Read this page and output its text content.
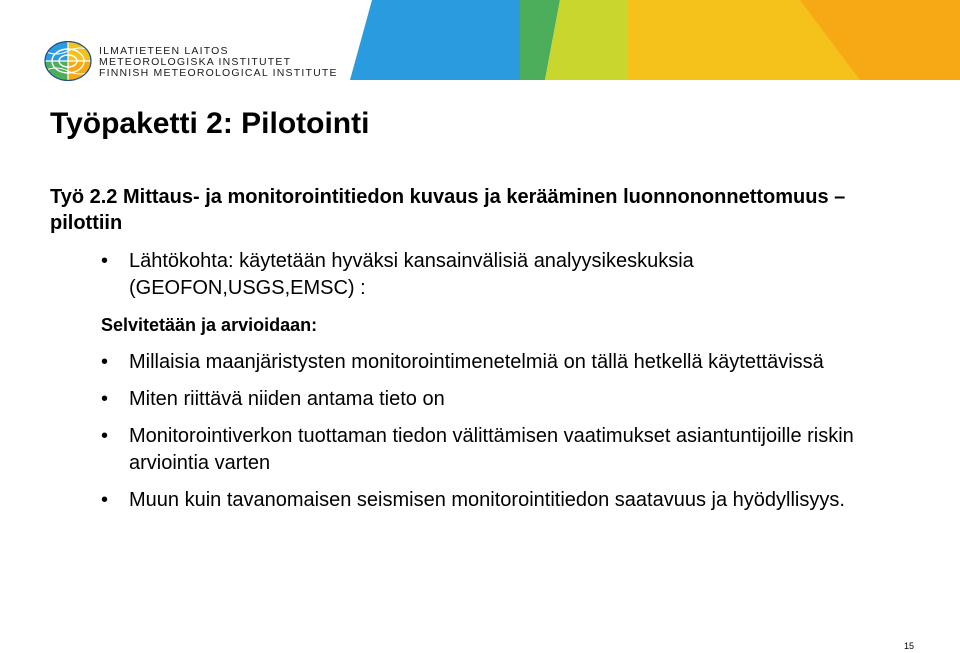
ILMATIETEEN LAITOS
METEOROLOGISKA INSTITUTET
FINNISH METEOROLOGICAL INSTITUTE
Työpaketti 2: Pilotointi

Työ 2.2 Mittaus- ja monitorointitiedon kuvaus ja kerääminen luonnononnettomuus –pilottiin

•	Lähtökohta: käytetään hyväksi kansainvälisiä analyysikeskuksia (GEOFON,USGS,EMSC) :
Selvitetään ja arvioidaan:
•	Millaisia maanjäristysten monitorointimenetelmiä on tällä hetkellä käytettävissä
•	Miten riittävä niiden antama tieto on
•	Monitorointiverkon tuottaman tiedon välittämisen vaatimukset asiantuntijoille riskin arviointia varten
•	Muun kuin tavanomaisen seismisen monitorointitiedon saatavuus ja hyödyllisyys.
15
